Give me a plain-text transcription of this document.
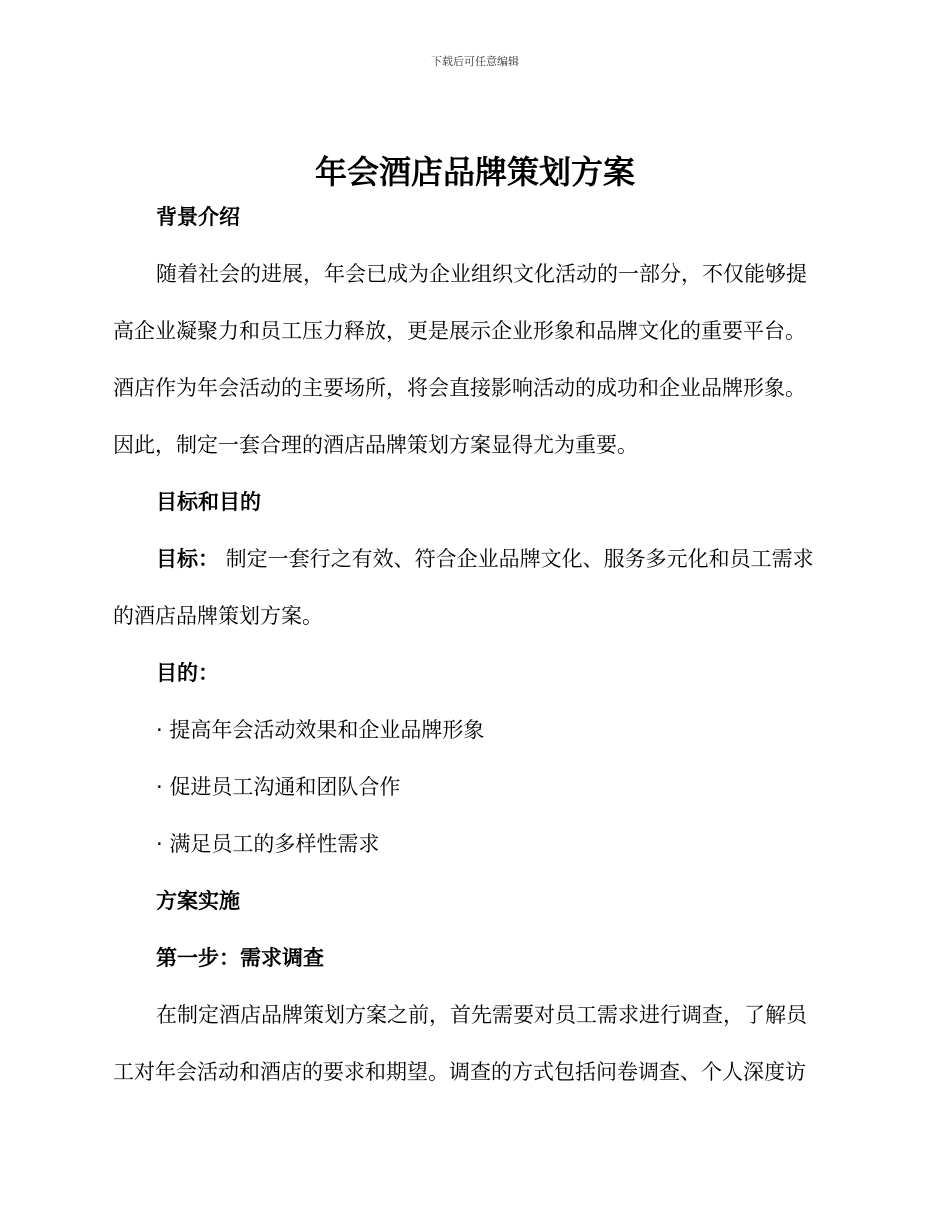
下载后可任意编辑
年会酒店品牌策划方案
背景介绍
随着社会的进展，年会已成为企业组织文化活动的一部分，不仅能够提
高企业凝聚力和员工压力释放，更是展示企业形象和品牌文化的重要平台。
酒店作为年会活动的主要场所，将会直接影响活动的成功和企业品牌形象。
因此，制定一套合理的酒店品牌策划方案显得尤为重要。
目标和目的
目标： 制定一套行之有效、符合企业品牌文化、服务多元化和员工需求
的酒店品牌策划方案。
目的：
· 提高年会活动效果和企业品牌形象
· 促进员工沟通和团队合作
· 满足员工的多样性需求
方案实施
第一步：需求调查
在制定酒店品牌策划方案之前，首先需要对员工需求进行调查，了解员
工对年会活动和酒店的要求和期望。调查的方式包括问卷调查、个人深度访
